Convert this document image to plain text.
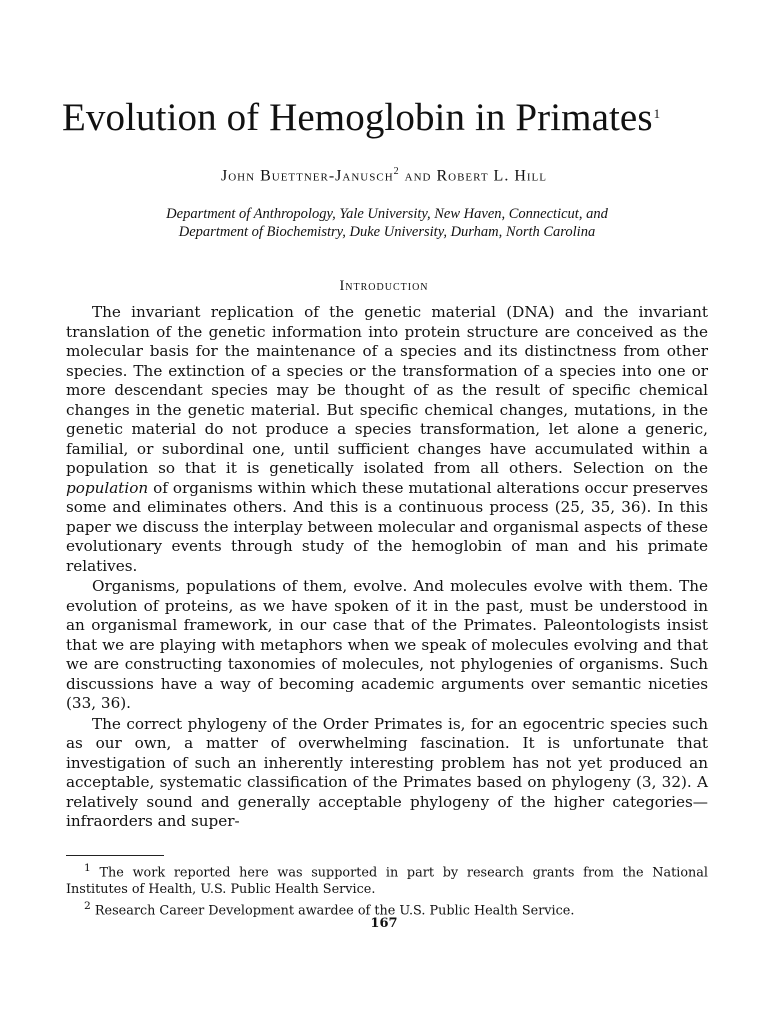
Evolution of Hemoglobin in Primates$^1$
John Buettner-Janusch$^2$ and Robert L. Hill
Department of Anthropology, Yale University, New Haven, Connecticut, and
Department of Biochemistry, Duke University, Durham, North Carolina
Introduction

The invariant replication of the genetic material (DNA) and the invariant translation of the genetic information into protein structure are conceived as the molecular basis for the maintenance of a species and its distinctness from other species. The extinction of a species or the transformation of a species into one or more descendant species may be thought of as the result of specific chemical changes in the genetic material. But specific chemical changes, mutations, in the genetic material do not produce a species transformation, let alone a generic, familial, or subordinal one, until sufficient changes have accumulated within a population so that it is genetically isolated from all others. Selection on the population of organisms within which these mutational alterations occur preserves some and eliminates others. And this is a continuous process (25, 35, 36). In this paper we discuss the interplay between molecular and organismal aspects of these evolutionary events through study of the hemoglobin of man and his primate relatives.

Organisms, populations of them, evolve. And molecules evolve with them. The evolution of proteins, as we have spoken of it in the past, must be understood in an organismal framework, in our case that of the Primates. Paleontologists insist that we are playing with metaphors when we speak of molecules evolving and that we are constructing taxonomies of molecules, not phylogenies of organisms. Such discussions have a way of becoming academic arguments over semantic niceties (33, 36).

The correct phylogeny of the Order Primates is, for an egocentric species such as our own, a matter of overwhelming fascination. It is unfortunate that investigation of such an inherently interesting problem has not yet produced an acceptable, systematic classification of the Primates based on phylogeny (3, 32). A relatively sound and generally acceptable phylogeny of the higher categories—infraorders and super-

$^1$ The work reported here was supported in part by research grants from the National Institutes of Health, U.S. Public Health Service.

$^2$ Research Career Development awardee of the U.S. Public Health Service.

167
